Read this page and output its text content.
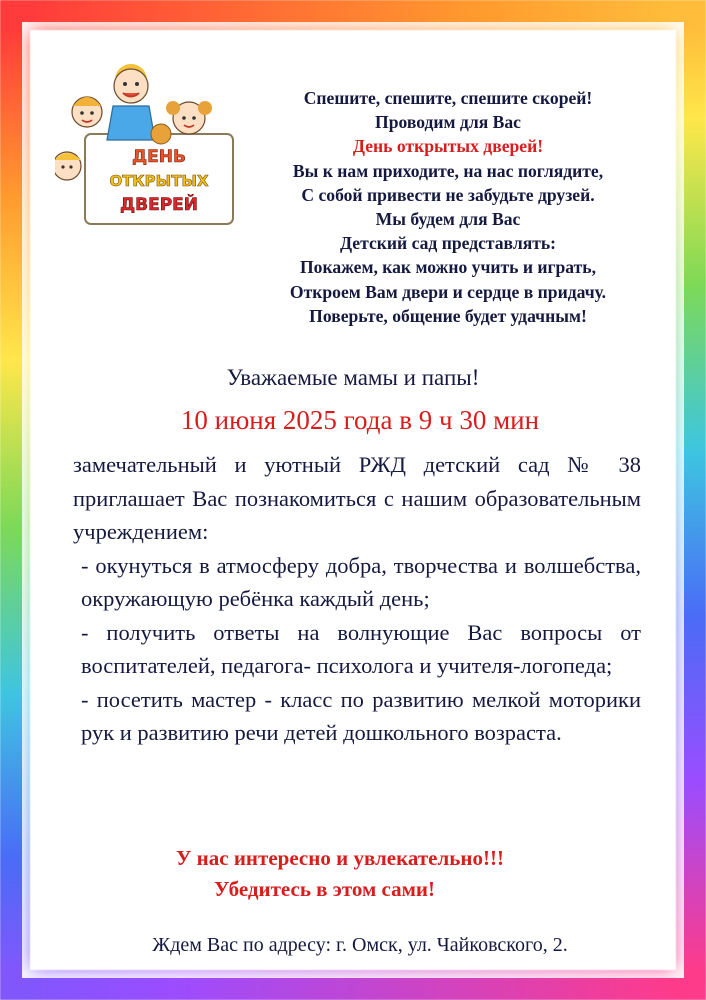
ДЕНЬ
ОТКРЫТЫХ
ДВЕРЕЙ
Спешите, спешите, спешите скорей!
Проводим для Вас
День открытых дверей!
Вы к нам приходите, на нас поглядите,
С собой привести не забудьте друзей.
Мы будем для Вас
Детский сад представлять:
Покажем, как можно учить и играть,
Откроем Вам двери и сердце в придачу.
Поверьте, общение будет удачным!
Уважаемые мамы и папы!
10 июня 2025 года в 9 ч 30 мин

замечательный и уютный РЖД детский сад № 38 приглашает Вас познакомиться с нашим образовательным учреждением:

- окунуться в атмосферу добра, творчества и волшебства, окружающую ребёнка каждый день;

- получить ответы на волнующие Вас вопросы от воспитателей, педагога- психолога и учителя-логопеда;

- посетить мастер - класс по развитию мелкой моторики рук и развитию речи детей дошкольного возраста.

У нас интересно и увлекательно!!!
Убедитесь в этом сами!
Ждем Вас по адресу: г. Омск, ул. Чайковского, 2.
